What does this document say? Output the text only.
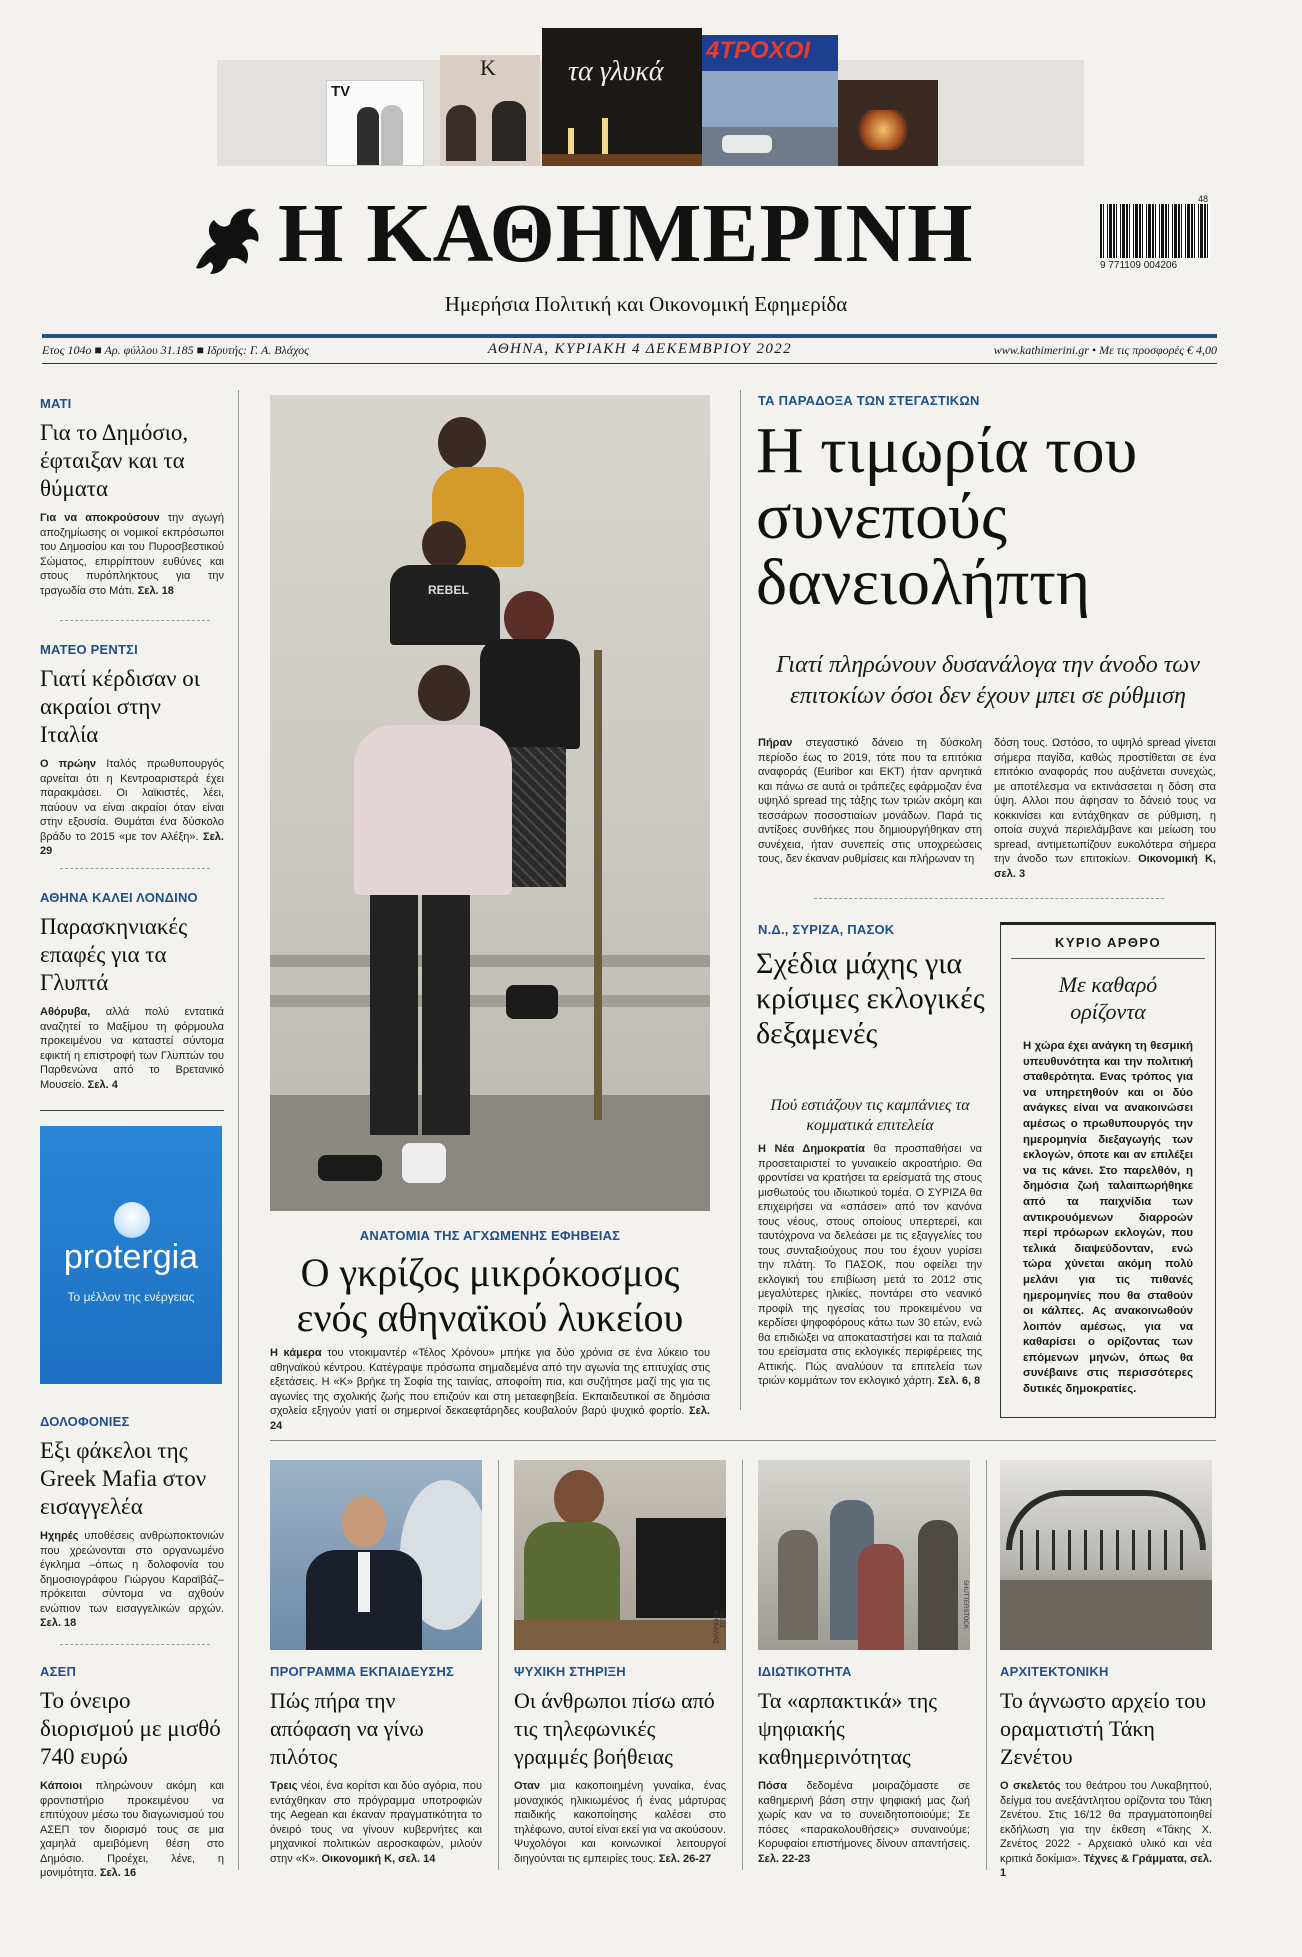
TV
K	τα γλυκά
4ΤΡΟΧΟΙ
Η ΚΑΘΗΜΕΡΙΝΗ
Ημερήσια Πολιτική και Οικονομική Εφημερίδα
9 771109 004206
48
Ετος 104ο ■ Αρ. φύλλου 31.185 ■ Ιδρυτής: Γ. Α. Βλάχος	ΑΘΗΝΑ, ΚΥΡΙΑΚΗ 4 ΔΕΚΕΜΒΡΙΟΥ 2022	www.kathimerini.gr • Με τις προσφορές € 4,00
ΜΑΤΙ
Για το Δημόσιο, έφταιξαν και τα θύματα

Για να αποκρούσουν την αγωγή αποζημίωσης οι νομικοί εκπρόσωποι του Δημοσίου και του Πυροσβεστικού Σώματος, επιρρίπτουν ευθύνες και στους πυρόπληκτους για την τραγωδία στο Μάτι. Σελ. 18

ΜΑΤΕΟ ΡΕΝΤΣΙ
Γιατί κέρδισαν οι ακραίοι στην Ιταλία

Ο πρώην Ιταλός πρωθυπουργός αρνείται ότι η Κεντροαριστερά έχει παρακμάσει. Οι λαϊκιστές, λέει, παύουν να είναι ακραίοι όταν είναι στην εξουσία. Θυμάται ένα δύσκολο βράδυ το 2015 «με τον Αλέξη». Σελ. 29

ΑΘΗΝΑ ΚΑΛΕΙ ΛΟΝΔΙΝΟ
Παρασκηνιακές επαφές για τα Γλυπτά

Αθόρυβα, αλλά πολύ εντατικά αναζητεί το Μαξίμου τη φόρμουλα προκειμένου να καταστεί σύντομα εφικτή η επιστροφή των Γλυπτών του Παρθενώνα από το Βρετανικό Μουσείο. Σελ. 4

protergia
Το μέλλον της ενέργειας
ΔΟΛΟΦΟΝΙΕΣ
Εξι φάκελοι της Greek Mafia στον εισαγγελέα

Ηχηρές υποθέσεις ανθρωποκτονιών που χρεώνονται στο οργανωμένο έγκλημα –όπως η δολοφονία του δημοσιογράφου Γιώργου Καραϊβάζ– πρόκειται σύντομα να αχθούν ενώπιον των εισαγγελικών αρχών. Σελ. 18

ΑΣΕΠ
Το όνειρο διορισμού με μισθό 740 ευρώ

Κάποιοι πληρώνουν ακόμη και φροντιστήριο προκειμένου να επιτύχουν μέσω του διαγωνισμού του ΑΣΕΠ τον διορισμό τους σε μια χαμηλά αμειβόμενη θέση στο Δημόσιο. Προέχει, λένε, η μονιμότητα. Σελ. 16

REBEL
ΑΝΑΤΟΜΙΑ ΤΗΣ ΑΓΧΩΜΕΝΗΣ ΕΦΗΒΕΙΑΣ
Ο γκρίζος μικρόκοσμος ενός αθηναϊκού λυκείου

Η κάμερα του ντοκιμαντέρ «Τέλος Χρόνου» μπήκε για δύο χρόνια σε ένα λύκειο του αθηναϊκού κέντρου. Κατέγραψε πρόσωπα σημαδεμένα από την αγωνία της επιτυχίας στις εξετάσεις. Η «Κ» βρήκε τη Σοφία της ταινίας, αποφοίτη πια, και συζήτησε μαζί της για τις αγωνίες της σχολικής ζωής που επιζούν και στη μεταεφηβεία. Εκπαιδευτικοί σε δημόσια σχολεία εξηγούν γιατί οι σημερινοί δεκαεφτάρηδες κουβαλούν βαρύ ψυχικό φορτίο. Σελ. 24

ΤΑ ΠΑΡΑΔΟΞΑ ΤΩΝ ΣΤΕΓΑΣΤΙΚΩΝ
Η τιμωρία του συνεπούς δανειολήπτη
Γιατί πληρώνουν δυσανάλογα την άνοδο των επιτοκίων όσοι δεν έχουν μπει σε ρύθμιση

Πήραν στεγαστικό δάνειο τη δύσκολη περίοδο έως το 2019, τότε που τα επιτόκια αναφοράς (Euribor και ΕΚΤ) ήταν αρνητικά και πάνω σε αυτά οι τράπεζες εφάρμοζαν ένα υψηλό spread της τάξης των τριών ακόμη και τεσσάρων ποσοστιαίων μονάδων. Παρά τις αντίξοες συνθήκες που δημιουργήθηκαν στη συνέχεια, ήταν συνεπείς στις υποχρεώσεις τους, δεν έκαναν ρυθμίσεις και πλήρωναν τη

δόση τους. Ωστόσο, το υψηλό spread γίνεται σήμερα παγίδα, καθώς προστίθεται σε ένα επιτόκιο αναφοράς που αυξάνεται συνεχώς, με αποτέλεσμα να εκτινάσσεται η δόση στα ύψη. Αλλοι που άφησαν το δάνειό τους να κοκκινίσει και εντάχθηκαν σε ρύθμιση, η οποία συχνά περιελάμβανε και μείωση του spread, αντιμετωπίζουν ευκολότερα σήμερα την άνοδο των επιτοκίων. Οικονομική Κ, σελ. 3

Ν.Δ., ΣΥΡΙΖΑ, ΠΑΣΟΚ
Σχέδια μάχης για κρίσιμες εκλογικές δεξαμενές
Πού εστιάζουν τις καμπάνιες τα κομματικά επιτελεία

Η Νέα Δημοκρατία θα προσπαθήσει να προσεταιριστεί το γυναικείο ακροατήριο. Θα φροντίσει να κρατήσει τα ερείσματά της στους μισθωτούς του ιδιωτικού τομέα. Ο ΣΥΡΙΖΑ θα επιχειρήσει να «σπάσει» από τον κανόνα τους νέους, στους οποίους υπερτερεί, και ταυτόχρονα να δελεάσει με τις εξαγγελίες του τους συνταξιούχους που του έχουν γυρίσει την πλάτη. Το ΠΑΣΟΚ, που οφείλει την εκλογική του επιβίωση μετά το 2012 στις μεγαλύτερες ηλικίες, ποντάρει στο νεανικό προφίλ της ηγεσίας του προκειμένου να κερδίσει ψηφοφόρους κάτω των 30 ετών, ενώ θα επιδιώξει να αποκαταστήσει και τα παλαιά του ερείσματα στις εκλογικές περιφέρειες της Αττικής. Πώς αναλύουν τα επιτελεία των τριών κομμάτων τον εκλογικό χάρτη. Σελ. 6, 8

ΚΥΡΙΟ ΑΡΘΡΟ
Με καθαρό ορίζοντα

Η χώρα έχει ανάγκη τη θεσμική υπευθυνότητα και την πολιτική σταθερότητα. Ενας τρόπος για να υπηρετηθούν και οι δύο ανάγκες είναι να ανακοινώσει αμέσως ο πρωθυπουργός την ημερομηνία διεξαγωγής των εκλογών, όποτε και αν επιλέξει να τις κάνει. Στο παρελθόν, η δημόσια ζωή ταλαιπωρήθηκε από τα παιχνίδια των αντικρουόμενων διαρροών περί πρόωρων εκλογών, που τελικά διαψεύδονταν, ενώ τώρα χύνεται ακόμη πολύ μελάνι για τις πιθανές ημερομηνίες που θα σταθούν οι κάλπες. Ας ανακοινωθούν λοιπόν αμέσως, για να καθαρίσει ο ορίζοντας των επόμενων μηνών, όπως θα συνέβαινε στις περισσότερες δυτικές δημοκρατίες.

ΝΙΚΟΣ ΚΟΚΚΑΛΙΑΣ	SHUTTERSTOCK
ΠΡΟΓΡΑΜΜΑ ΕΚΠΑΙΔΕΥΣΗΣ
Πώς πήρα την απόφαση να γίνω πιλότος

Τρεις νέοι, ένα κορίτσι και δύο αγόρια, που εντάχθηκαν στο πρόγραμμα υποτροφιών της Aegean και έκαναν πραγματικότητα το όνειρό τους να γίνουν κυβερνήτες και μηχανικοί πολιτικών αεροσκαφών, μιλούν στην «Κ». Οικονομική Κ, σελ. 14

ΨΥΧΙΚΗ ΣΤΗΡΙΞΗ
Οι άνθρωποι πίσω από τις τηλεφωνικές γραμμές βοήθειας

Οταν μια κακοποιημένη γυναίκα, ένας μοναχικός ηλικιωμένος ή ένας μάρτυρας παιδικής κακοποίησης καλέσει στο τηλέφωνο, αυτοί είναι εκεί για να ακούσουν. Ψυχολόγοι και κοινωνικοί λειτουργοί διηγούνται τις εμπειρίες τους. Σελ. 26-27

ΙΔΙΩΤΙΚΟΤΗΤΑ
Τα «αρπακτικά» της ψηφιακής καθημερινότητας

Πόσα δεδομένα μοιραζόμαστε σε καθημερινή βάση στην ψηφιακή μας ζωή χωρίς καν να το συνειδητοποιούμε; Σε πόσες «παρακολουθήσεις» συναινούμε; Κορυφαίοι επιστήμονες δίνουν απαντήσεις. Σελ. 22-23

ΑΡΧΙΤΕΚΤΟΝΙΚΗ
Το άγνωστο αρχείο του οραματιστή Τάκη Ζενέτου

Ο σκελετός του θεάτρου του Λυκαβηττού, δείγμα του ανεξάντλητου ορίζοντα του Τάκη Ζενέτου. Στις 16/12 θα πραγματοποιηθεί εκδήλωση για την έκθεση «Τάκης Χ. Ζενέτος 2022 - Αρχειακό υλικό και νέα κριτικά δοκίμια». Τέχνες & Γράμματα, σελ. 1
